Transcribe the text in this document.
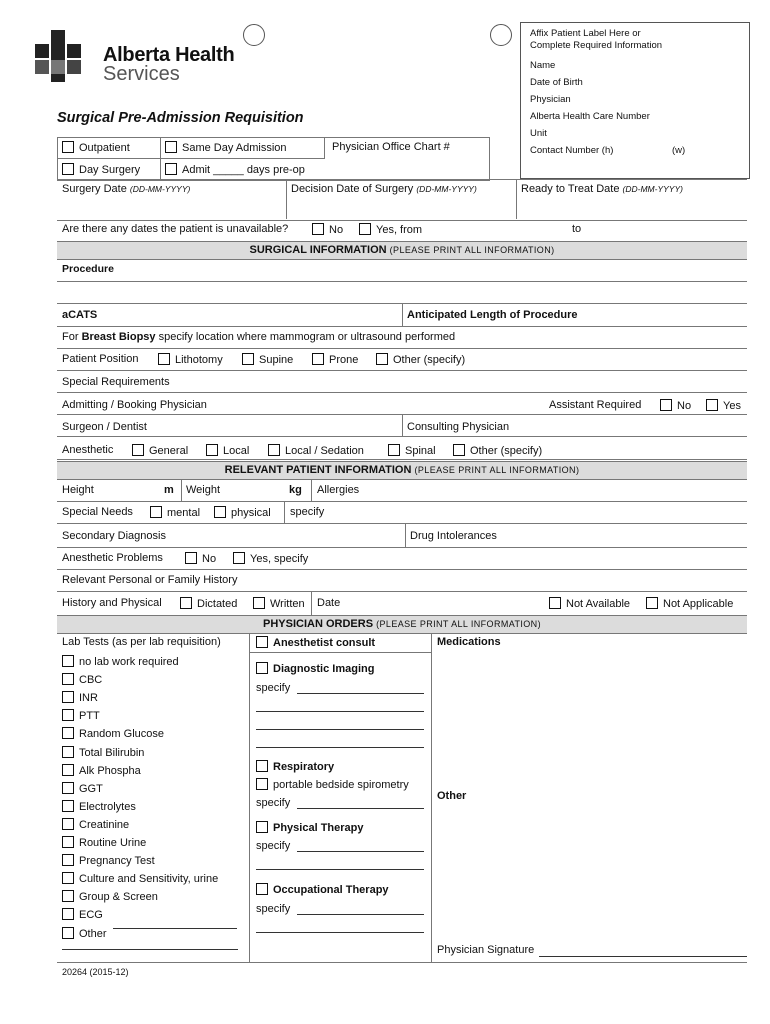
Alberta Health
Services
Affix Patient Label Here or
Complete Required Information
Name
Date of Birth
Physician
Alberta Health Care Number
Unit
Contact Number (h)	(w)
Surgical Pre-Admission Requisition
Outpatient	Same Day Admission	Physician Office Chart #
Day Surgery	Admit _____ days pre-op
Surgery Date (DD-MM-YYYY)	Decision Date of Surgery (DD-MM-YYYY)	Ready to Treat Date (DD-MM-YYYY)
Are there any dates the patient is unavailable?	No	Yes, from	to
SURGICAL INFORMATION (PLEASE PRINT ALL INFORMATION)
Procedure
aCATS	Anticipated Length of Procedure
For Breast Biopsy specify location where mammogram or ultrasound performed
Patient Position	Lithotomy	Supine	Prone	Other (specify)
Special Requirements
Admitting / Booking Physician	Assistant Required	No	Yes
Surgeon / Dentist	Consulting Physician
Anesthetic	General	Local	Local / Sedation	Spinal	Other (specify)
RELEVANT PATIENT INFORMATION (PLEASE PRINT ALL INFORMATION)
Height	m Weight	kg Allergies
Special Needs	mental	physical specify
Secondary Diagnosis	Drug Intolerances
Anesthetic Problems	No	Yes, specify
Relevant Personal or Family History
History and Physical	Dictated	Written Date	Not Available	Not Applicable
PHYSICIAN ORDERS (PLEASE PRINT ALL INFORMATION)
Lab Tests (as per lab requisition)
no lab work required
CBC
INR
PTT
Random Glucose
Total Bilirubin
Alk Phospha
GGT
Electrolytes
Creatinine
Routine Urine
Pregnancy Test
Culture and Sensitivity, urine
Group & Screen
ECG
Other
Anesthetist consult
Diagnostic Imaging
specify
Respiratory
portable bedside spirometry
specify
Physical Therapy
specify
Occupational Therapy
specify
Medications
Other
Physician Signature
20264 (2015-12)
